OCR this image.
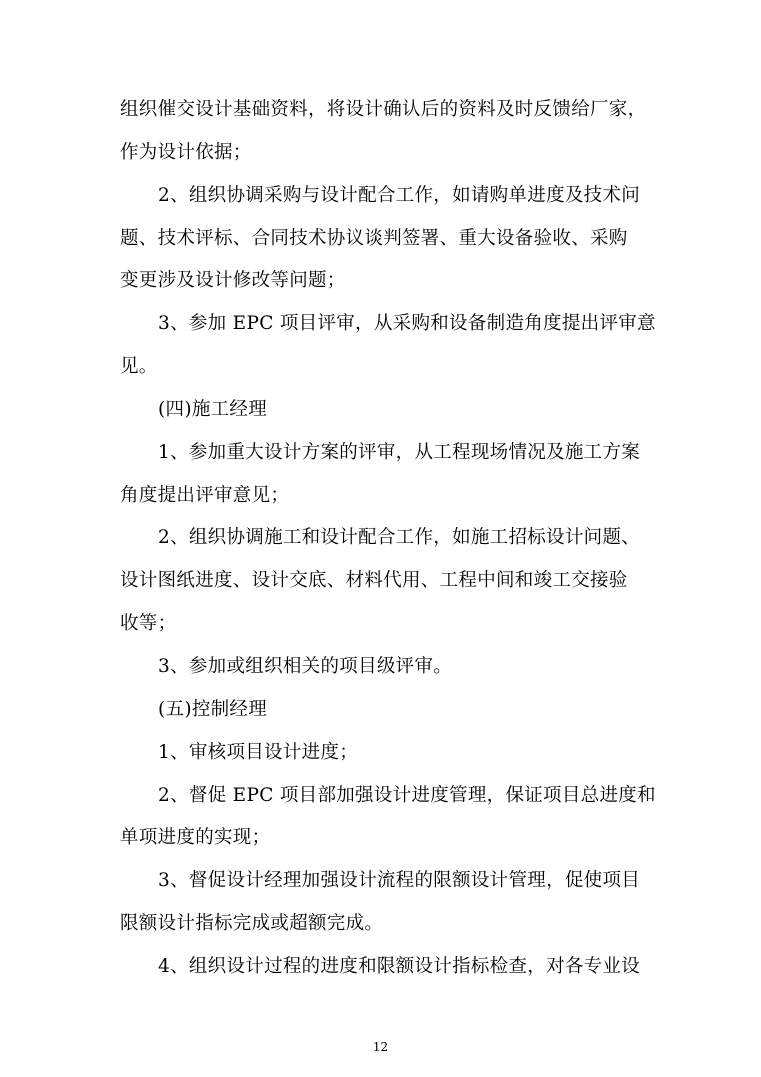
组织催交设计基础资料，将设计确认后的资料及时反馈给厂家，
作为设计依据；
2、组织协调采购与设计配合工作，如请购单进度及技术问
题、技术评标、合同技术协议谈判签署、重大设备验收、采购
变更涉及设计修改等问题；
3、参加 EPC 项目评审，从采购和设备制造角度提出评审意
见。
(四)施工经理
1、参加重大设计方案的评审，从工程现场情况及施工方案
角度提出评审意见；
2、组织协调施工和设计配合工作，如施工招标设计问题、
设计图纸进度、设计交底、材料代用、工程中间和竣工交接验
收等；
3、参加或组织相关的项目级评审。
(五)控制经理
1、审核项目设计进度；
2、督促 EPC 项目部加强设计进度管理，保证项目总进度和
单项进度的实现；
3、督促设计经理加强设计流程的限额设计管理，促使项目
限额设计指标完成或超额完成。
4、组织设计过程的进度和限额设计指标检查，对各专业设
12
